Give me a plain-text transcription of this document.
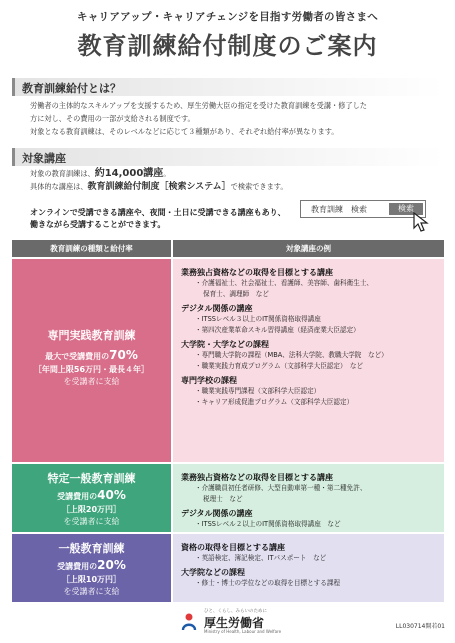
キャリアアップ・キャリアチェンジを目指す労働者の皆さまへ
教育訓練給付制度のご案内
教育訓練給付とは？
労働者の主体的なスキルアップを支援するため、厚生労働大臣の指定を受けた教育訓練を受講・修了した
方に対し、その費用の一部が支給される制度です。
対象となる教育訓練は、そのレベルなどに応じて３種類があり、それぞれ給付率が異なります。
対象講座
対象の教育訓練は、約14,000講座。
具体的な講座は、教育訓練給付制度［検索システム］で検索できます。
オンラインで受講できる講座や、夜間・土日に受講できる講座もあり、
働きながら受講することができます。
教育訓練　検索	検索
教育訓練の種類と給付率	対象講座の例
専門実践教育訓練
最大で受講費用の70%
［年間上限56万円・最長４年］
を受講者に支給
業務独占資格などの取得を目標とする講座
・介護福祉士、社会福祉士、看護師、美容師、歯科衛生士、
保育士、調理師　など
デジタル関係の講座
・ITSSレベル３以上のIT関係資格取得講座
・第四次産業革命スキル習得講座（経済産業大臣認定）
大学院・大学などの課程
・専門職大学院の課程（MBA、法科大学院、教職大学院　など）
・職業実践力育成プログラム（文部科学大臣認定）　など
専門学校の課程
・職業実践専門課程（文部科学大臣認定）
・キャリア形成促進プログラム（文部科学大臣認定）
特定一般教育訓練
受講費用の40%
［上限20万円］
を受講者に支給
業務独占資格などの取得を目標とする講座
・介護職員初任者研修、大型自動車第一種・第二種免許、
税理士　など
デジタル関係の講座
・ITSSレベル２以上のIT関係資格取得講座　など
一般教育訓練
受講費用の20%
［上限10万円］
を受講者に支給
資格の取得を目標とする講座
・英語検定、簿記検定、ITパスポート　など
大学院などの課程
・修士・博士の学位などの取得を目標とする課程
ひと、くらし、みらいのために
厚生労働省
Ministry of Health, Labour and Welfare
LL030714開若01
